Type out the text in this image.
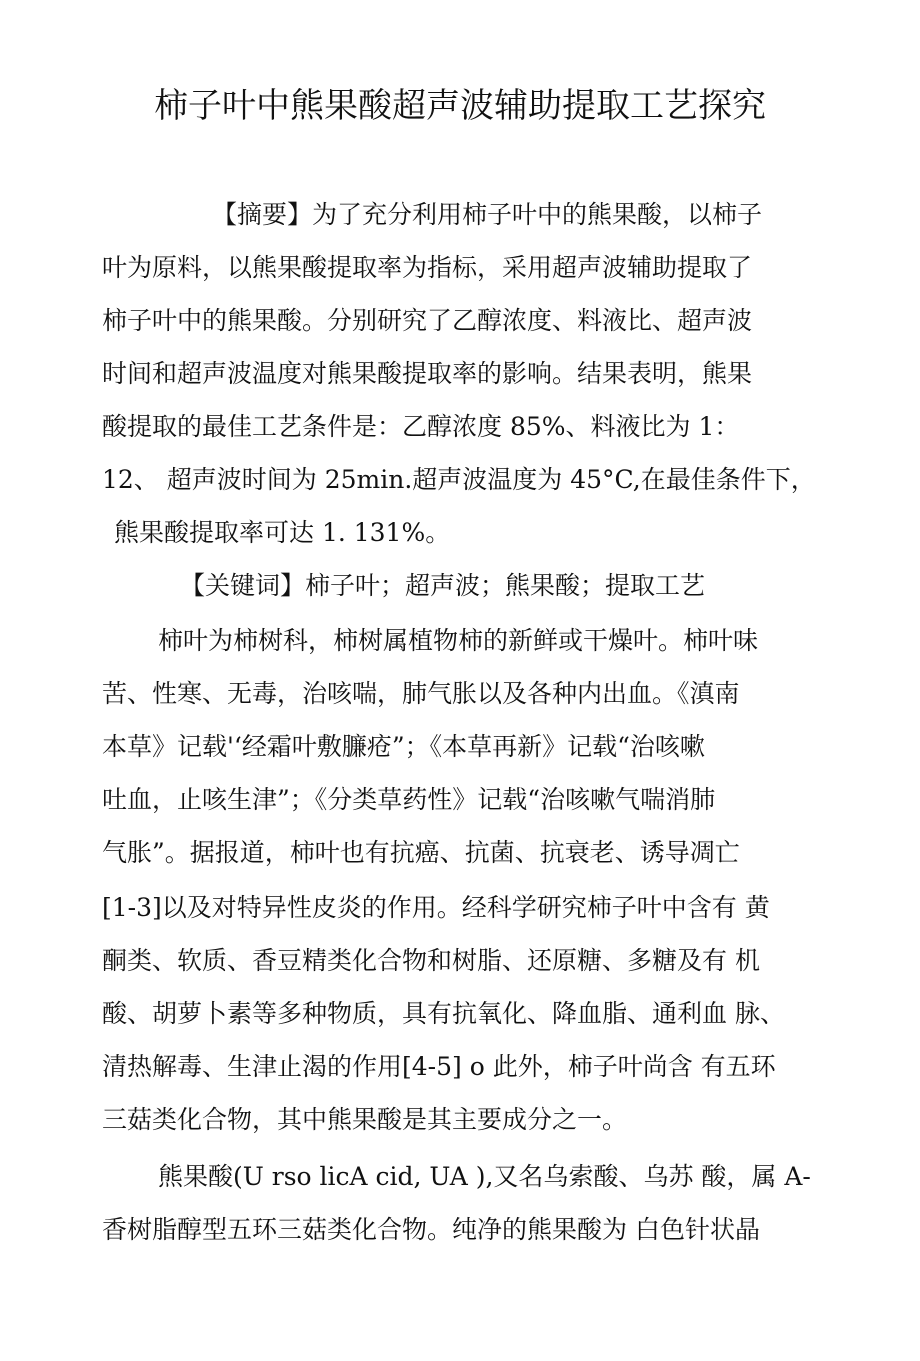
柿子叶中熊果酸超声波辅助提取工艺探究
【摘要】为了充分利用柿子叶中的熊果酸，以柿子
叶为原料，以熊果酸提取率为指标，采用超声波辅助提取了
柿子叶中的熊果酸。分别研究了乙醇浓度、料液比、超声波
时间和超声波温度对熊果酸提取率的影响。结果表明，熊果
酸提取的最佳工艺条件是：乙醇浓度 85%、料液比为 1：
12、 超声波时间为 25min.超声波温度为 45°C,在最佳条件下，
熊果酸提取率可达 1. 131%。
【关键词】柿子叶；超声波；熊果酸；提取工艺
柿叶为柿树科，柿树属植物柿的新鲜或干燥叶。柿叶味
苦、性寒、无毒，治咳喘，肺气胀以及各种内出血。《滇南
本草》记载'‘经霜叶敷臁疮”；《本草再新》记载“治咳嗽
吐血，止咳生津”；《分类草药性》记载“治咳嗽气喘消肺
气胀”。据报道，柿叶也有抗癌、抗菌、抗衰老、诱导凋亡
[1-3]以及对特异性皮炎的作用。经科学研究柿子叶中含有 黄
酮类、软质、香豆精类化合物和树脂、还原糖、多糖及有 机
酸、胡萝卜素等多种物质，具有抗氧化、降血脂、通利血 脉、
清热解毒、生津止渴的作用[4-5] o 此外，柿子叶尚含 有五环
三菇类化合物，其中熊果酸是其主要成分之一。
熊果酸(U rso licA cid, UA ),又名乌索酸、乌苏 酸，属 A-
香树脂醇型五环三菇类化合物。纯净的熊果酸为 白色针状晶
